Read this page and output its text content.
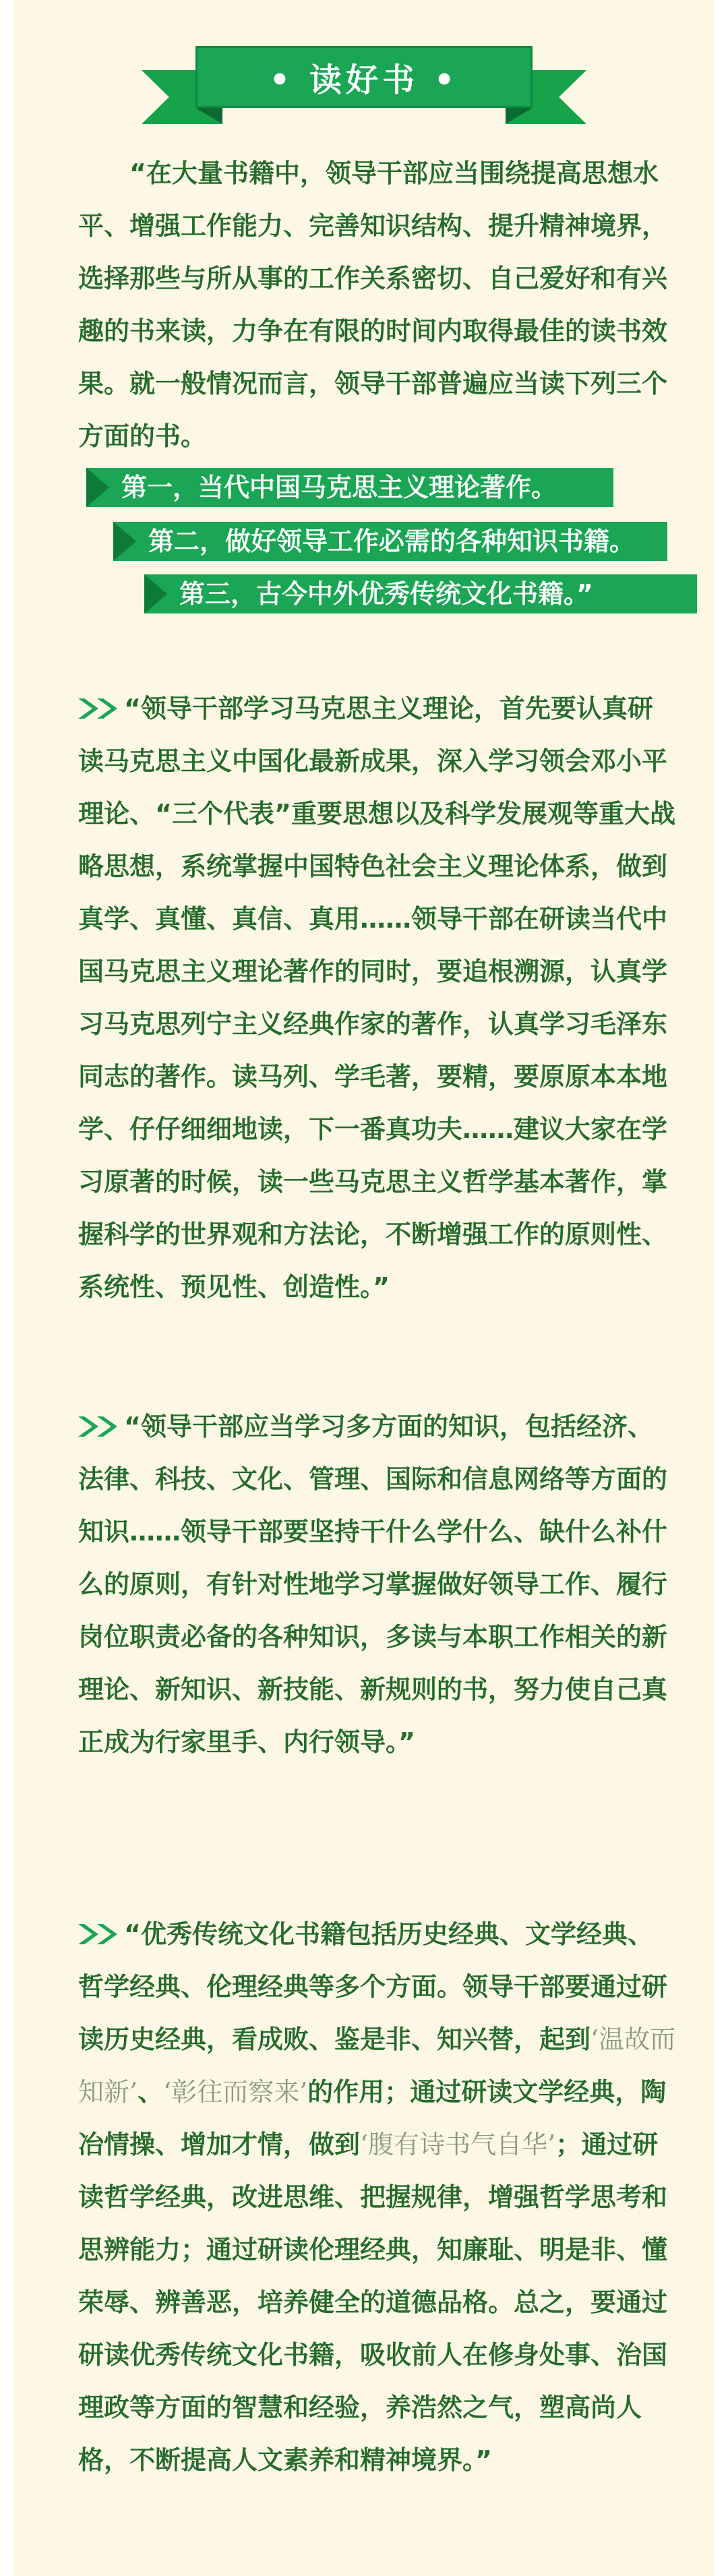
• 读好书 •

“在大量书籍中，领导干部应当围绕提高思想水平、增强工作能力、完善知识结构、提升精神境界，选择那些与所从事的工作关系密切、自己爱好和有兴趣的书来读，力争在有限的时间内取得最佳的读书效果。就一般情况而言，领导干部普遍应当读下列三个方面的书。

第一，当代中国马克思主义理论著作。
第二，做好领导工作必需的各种知识书籍。
第三，古今中外优秀传统文化书籍。”

“领导干部学习马克思主义理论，首先要认真研读马克思主义中国化最新成果，深入学习领会邓小平理论、“三个代表”重要思想以及科学发展观等重大战略思想，系统掌握中国特色社会主义理论体系，做到真学、真懂、真信、真用……领导干部在研读当代中国马克思主义理论著作的同时，要追根溯源，认真学习马克思列宁主义经典作家的著作，认真学习毛泽东同志的著作。读马列、学毛著，要精，要原原本本地学、仔仔细细地读，下一番真功夫……建议大家在学习原著的时候，读一些马克思主义哲学基本著作，掌握科学的世界观和方法论，不断增强工作的原则性、系统性、预见性、创造性。”

“领导干部应当学习多方面的知识，包括经济、法律、科技、文化、管理、国际和信息网络等方面的知识……领导干部要坚持干什么学什么、缺什么补什么的原则，有针对性地学习掌握做好领导工作、履行岗位职责必备的各种知识，多读与本职工作相关的新理论、新知识、新技能、新规则的书，努力使自己真正成为行家里手、内行领导。”

“优秀传统文化书籍包括历史经典、文学经典、哲学经典、伦理经典等多个方面。领导干部要通过研读历史经典，看成败、鉴是非、知兴替，起到‘温故而知新’、‘彰往而察来’的作用；通过研读文学经典，陶冶情操、增加才情，做到‘腹有诗书气自华’；通过研读哲学经典，改进思维、把握规律，增强哲学思考和思辨能力；通过研读伦理经典，知廉耻、明是非、懂荣辱、辨善恶，培养健全的道德品格。总之，要通过研读优秀传统文化书籍，吸收前人在修身处事、治国理政等方面的智慧和经验，养浩然之气，塑高尚人格，不断提高人文素养和精神境界。”
